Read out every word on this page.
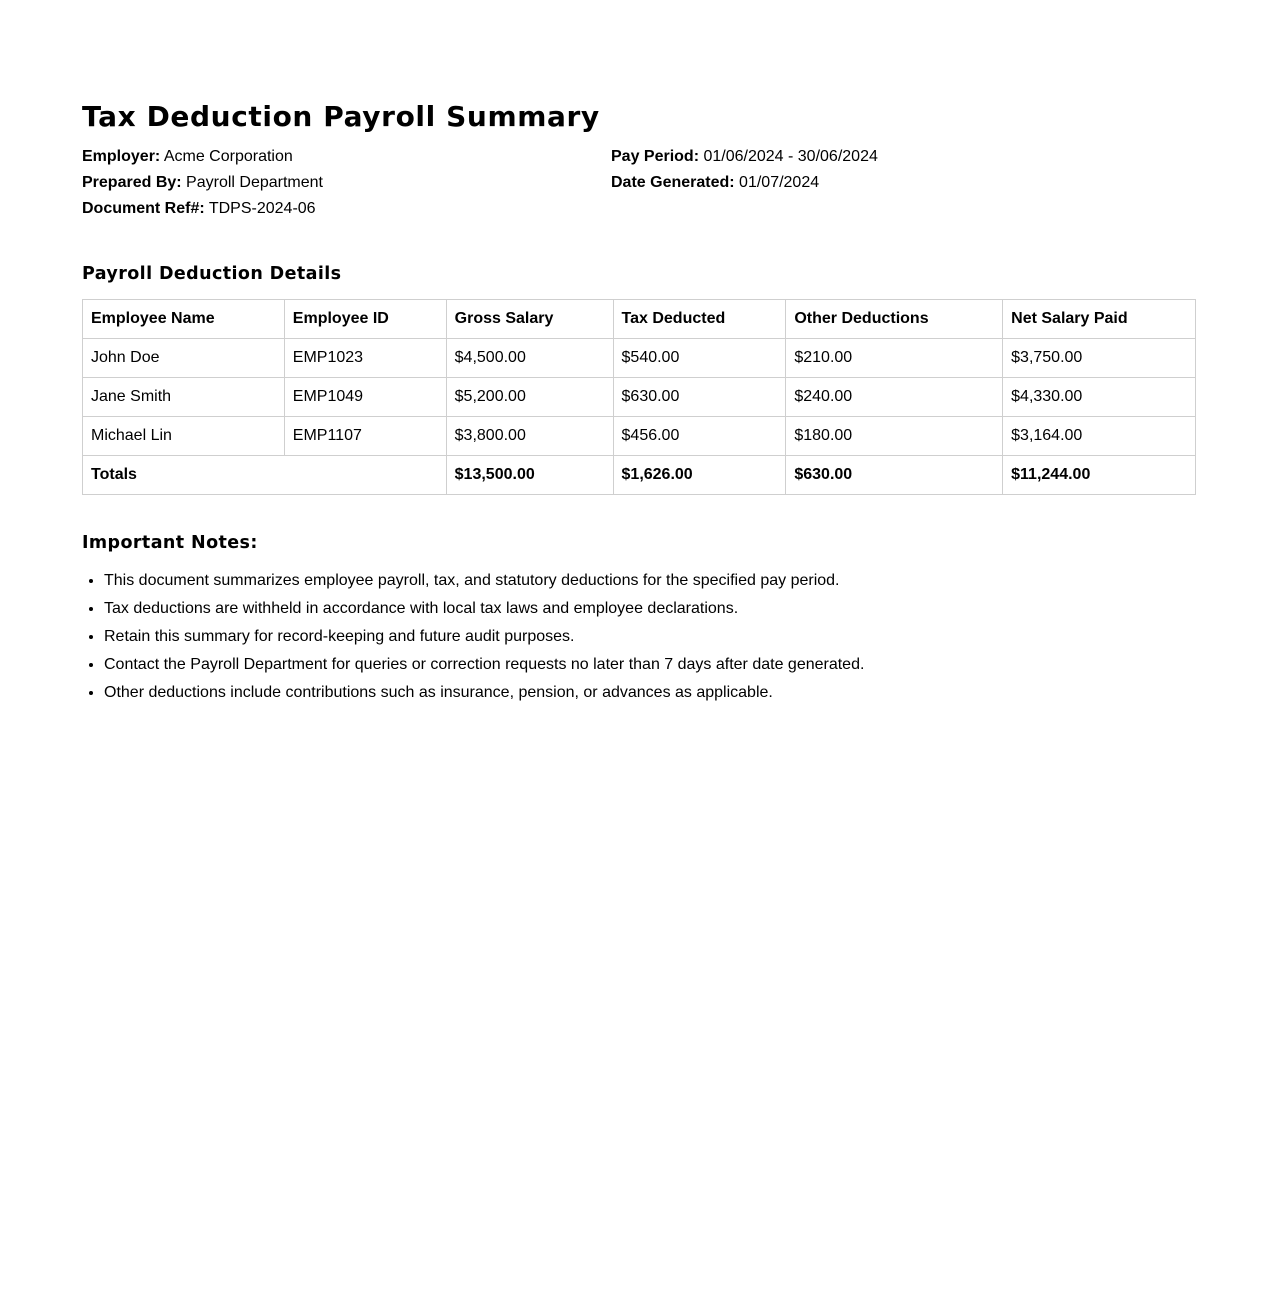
Tax Deduction Payroll Summary
Employer: Acme Corporation
Prepared By: Payroll Department
Document Ref#: TDPS-2024-06
Pay Period: 01/06/2024 - 30/06/2024
Date Generated: 01/07/2024
Payroll Deduction Details
Employee Name	Employee ID	Gross Salary	Tax Deducted	Other Deductions	Net Salary Paid
John Doe	EMP1023	$4,500.00	$540.00	$210.00	$3,750.00
Jane Smith	EMP1049	$5,200.00	$630.00	$240.00	$4,330.00
Michael Lin	EMP1107	$3,800.00	$456.00	$180.00	$3,164.00
Totals		$13,500.00	$1,626.00	$630.00	$11,244.00
Important Notes:
• This document summarizes employee payroll, tax, and statutory deductions for the specified pay period.
• Tax deductions are withheld in accordance with local tax laws and employee declarations.
• Retain this summary for record-keeping and future audit purposes.
• Contact the Payroll Department for queries or correction requests no later than 7 days after date generated.
• Other deductions include contributions such as insurance, pension, or advances as applicable.
